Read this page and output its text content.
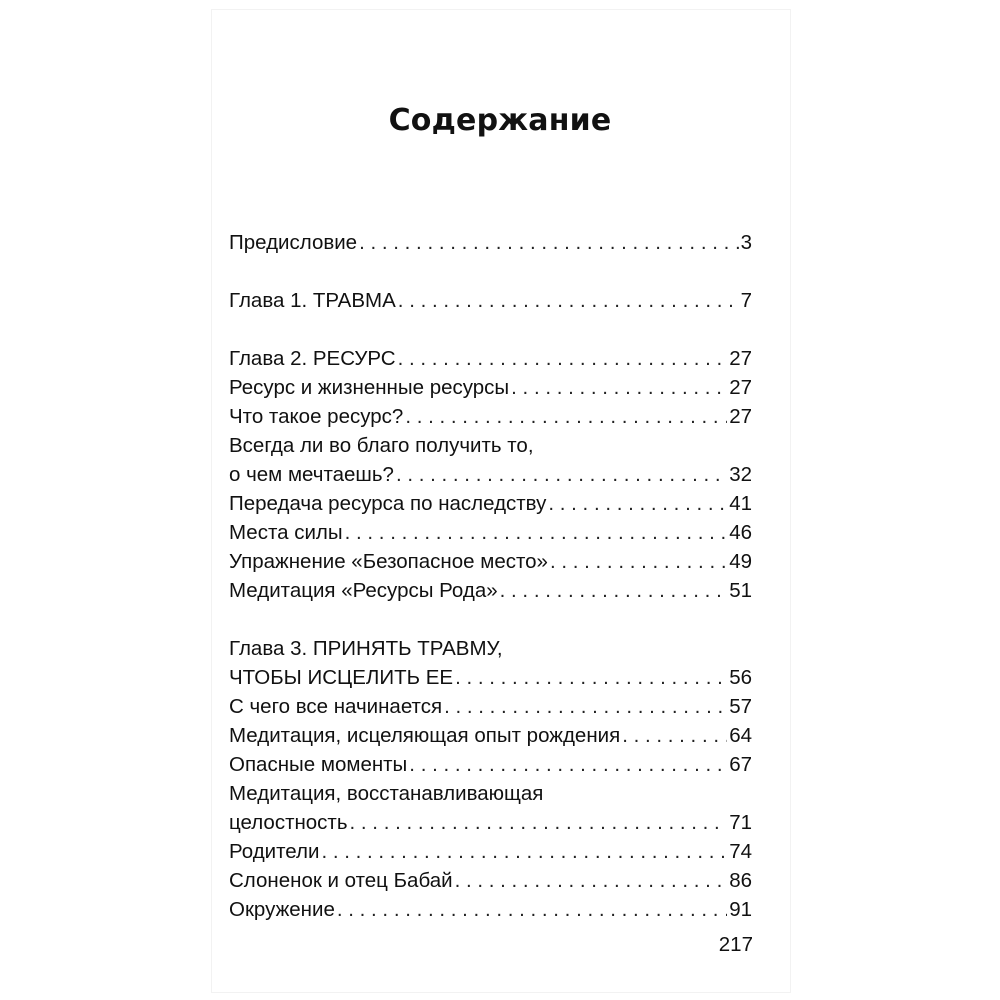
Содержание
Предисловие . . .	3
Глава 1. ТРАВМА . . .	7
Глава 2. РЕСУРС . . .	27
Ресурс и жизненные ресурсы . . .	27
Что такое ресурс? . . .	27
Всегда ли во благо получить то,
о чем мечтаешь? . . .	32
Передача ресурса по наследству . . .	41
Места силы . . .	46
Упражнение «Безопасное место» . . .	49
Медитация «Ресурсы Рода» . . .	51
Глава 3. ПРИНЯТЬ ТРАВМУ,
ЧТОБЫ ИСЦЕЛИТЬ ЕЕ . . .	56
С чего все начинается . . .	57
Медитация, исцеляющая опыт рождения . . .	64
Опасные моменты . . .	67
Медитация, восстанавливающая
целостность . . .	71
Родители . . .	74
Слоненок и отец Бабай . . .	86
Окружение . . .	91
217
